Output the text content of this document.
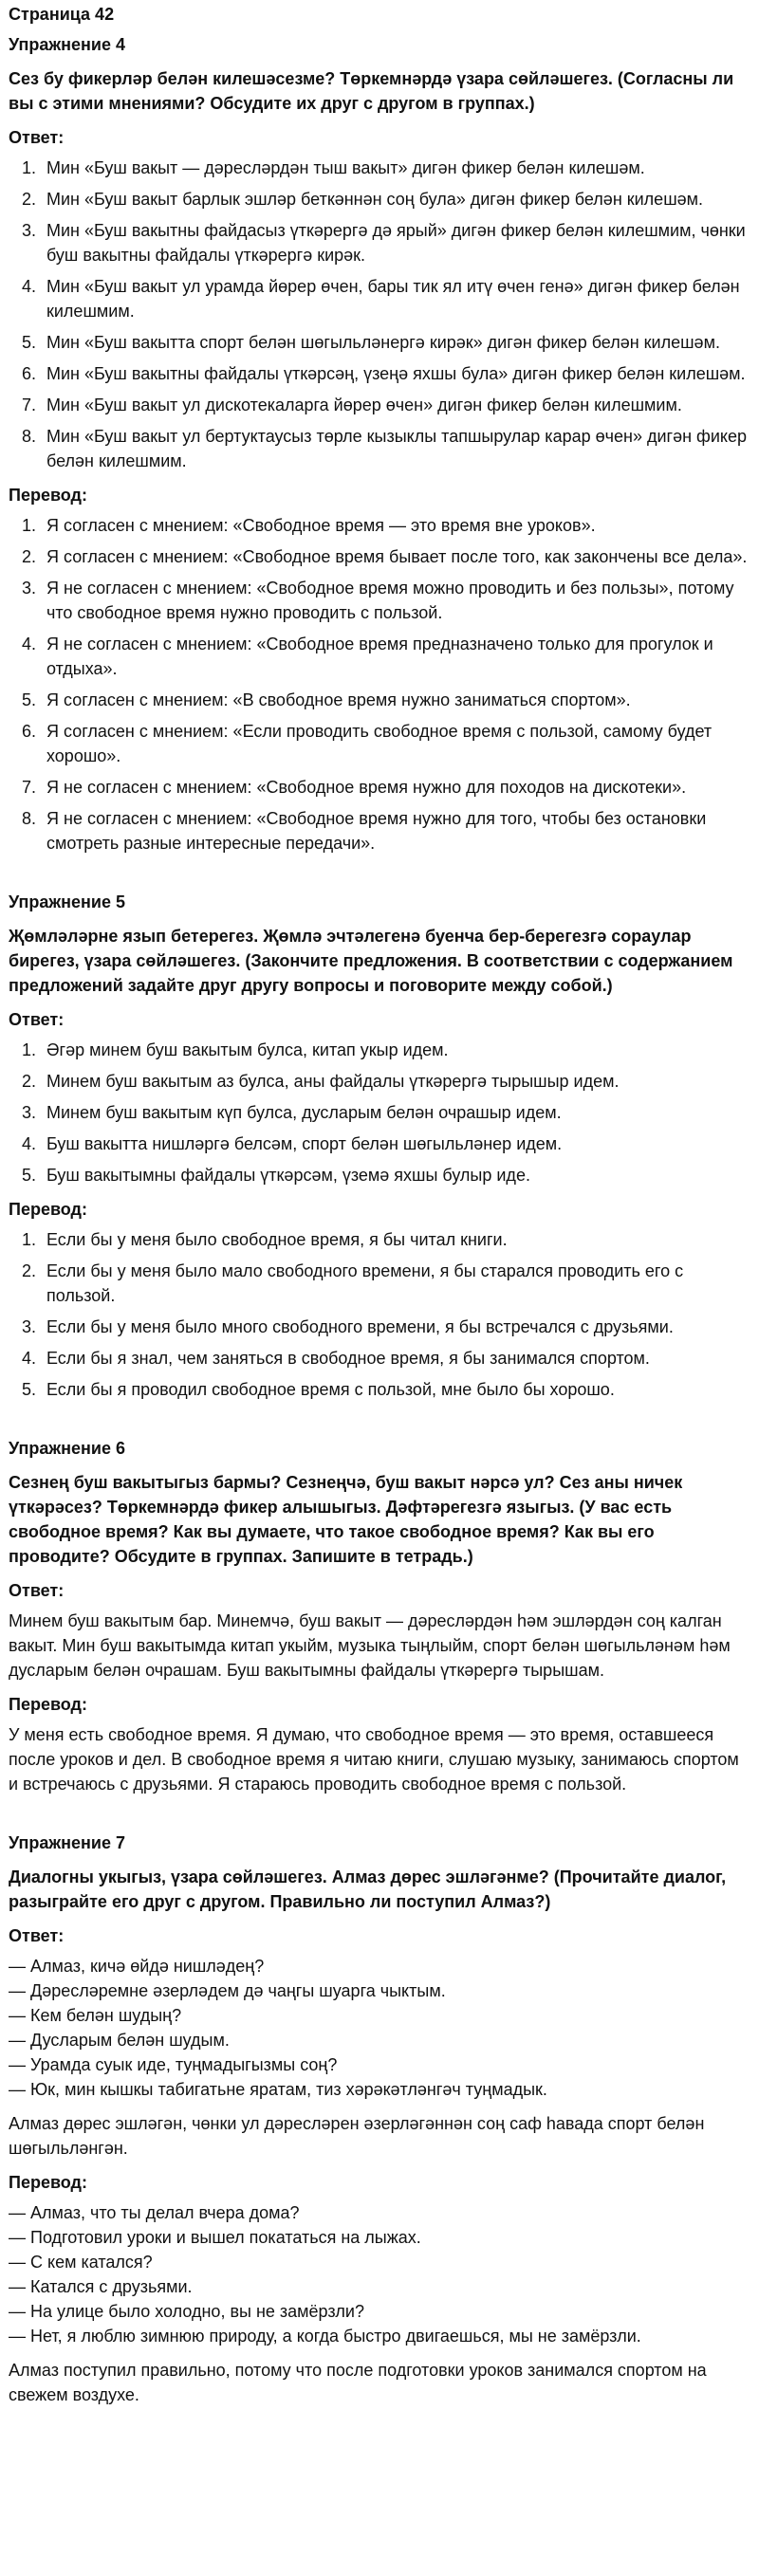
Страница 42
Упражнение 4
Сез бу фикерләр белән килешәсезме? Төркемнәрдә үзара сөйләшегез. (Согласны ли вы с этими мнениями? Обсудите их друг с другом в группах.)
Ответ:
1. Мин «Буш вакыт — дәресләрдән тыш вакыт» дигән фикер белән килешәм.
2. Мин «Буш вакыт барлык эшләр беткәннән соң була» дигән фикер белән килешәм.
3. Мин «Буш вакытны файдасыз үткәрергә дә ярый» дигән фикер белән килешмим, чөнки буш вакытны файдалы үткәрергә кирәк.
4. Мин «Буш вакыт ул урамда йөрер өчен, бары тик ял итү өчен генә» дигән фикер белән килешмим.
5. Мин «Буш вакытта спорт белән шөгыльләнергә кирәк» дигән фикер белән килешәм.
6. Мин «Буш вакытны файдалы үткәрсәң, үзеңә яхшы була» дигән фикер белән килешәм.
7. Мин «Буш вакыт ул дискотекаларга йөрер өчен» дигән фикер белән килешмим.
8. Мин «Буш вакыт ул бертуктаусыз төрле кызыклы тапшырулар карар өчен» дигән фикер белән килешмим.
Перевод:
1. Я согласен с мнением: «Свободное время — это время вне уроков».
2. Я согласен с мнением: «Свободное время бывает после того, как закончены все дела».
3. Я не согласен с мнением: «Свободное время можно проводить и без пользы», потому что свободное время нужно проводить с пользой.
4. Я не согласен с мнением: «Свободное время предназначено только для прогулок и отдыха».
5. Я согласен с мнением: «В свободное время нужно заниматься спортом».
6. Я согласен с мнением: «Если проводить свободное время с пользой, самому будет хорошо».
7. Я не согласен с мнением: «Свободное время нужно для походов на дискотеки».
8. Я не согласен с мнением: «Свободное время нужно для того, чтобы без остановки смотреть разные интересные передачи».
Упражнение 5
Җөмләләрне язып бетерегез. Җөмлә эчтәлегенә буенча бер-берегезгә сораулар бирегез, үзара сөйләшегез. (Закончите предложения. В соответствии с содержанием предложений задайте друг другу вопросы и поговорите между собой.)
Ответ:
1. Әгәр минем буш вакытым булса, китап укыр идем.
2. Минем буш вакытым аз булса, аны файдалы үткәрергә тырышыр идем.
3. Минем буш вакытым күп булса, дусларым белән очрашыр идем.
4. Буш вакытта нишләргә белсәм, спорт белән шөгыльләнер идем.
5. Буш вакытымны файдалы үткәрсәм, үземә яхшы булыр иде.
Перевод:
1. Если бы у меня было свободное время, я бы читал книги.
2. Если бы у меня было мало свободного времени, я бы старался проводить его с пользой.
3. Если бы у меня было много свободного времени, я бы встречался с друзьями.
4. Если бы я знал, чем заняться в свободное время, я бы занимался спортом.
5. Если бы я проводил свободное время с пользой, мне было бы хорошо.
Упражнение 6
Сезнең буш вакытыгыз бармы? Сезнеңчә, буш вакыт нәрсә ул? Сез аны ничек үткәрәсез? Төркемнәрдә фикер алышыгыз. Дәфтәрегезгә языгыз. (У вас есть свободное время? Как вы думаете, что такое свободное время? Как вы его проводите? Обсудите в группах. Запишите в тетрадь.)
Ответ:
Минем буш вакытым бар. Минемчә, буш вакыт — дәресләрдән һәм эшләрдән соң калган вакыт. Мин буш вакытымда китап укыйм, музыка тыңлыйм, спорт белән шөгыльләнәм һәм дусларым белән очрашам. Буш вакытымны файдалы үткәрергә тырышам.
Перевод:
У меня есть свободное время. Я думаю, что свободное время — это время, оставшееся после уроков и дел. В свободное время я читаю книги, слушаю музыку, занимаюсь спортом и встречаюсь с друзьями. Я стараюсь проводить свободное время с пользой.
Упражнение 7
Диалогны укыгыз, үзара сөйләшегез. Алмаз дөрес эшләгәнме? (Прочитайте диалог, разыграйте его друг с другом. Правильно ли поступил Алмаз?)
Ответ:
— Алмаз, кичә өйдә нишләдең?
— Дәресләремне әзерләдем дә чаңгы шуарга чыктым.
— Кем белән шудың?
— Дусларым белән шудым.
— Урамда суык иде, туңмадыгызмы соң?
— Юк, мин кышкы табигатьне яратам, тиз хәрәкәтләнгәч туңмадык.
Алмаз дөрес эшләгән, чөнки ул дәресләрен әзерләгәннән соң саф һавада спорт белән шөгыльләнгән.
Перевод:
— Алмаз, что ты делал вчера дома?
— Подготовил уроки и вышел покататься на лыжах.
— С кем катался?
— Катался с друзьями.
— На улице было холодно, вы не замёрзли?
— Нет, я люблю зимнюю природу, а когда быстро двигаешься, мы не замёрзли.
Алмаз поступил правильно, потому что после подготовки уроков занимался спортом на свежем воздухе.
